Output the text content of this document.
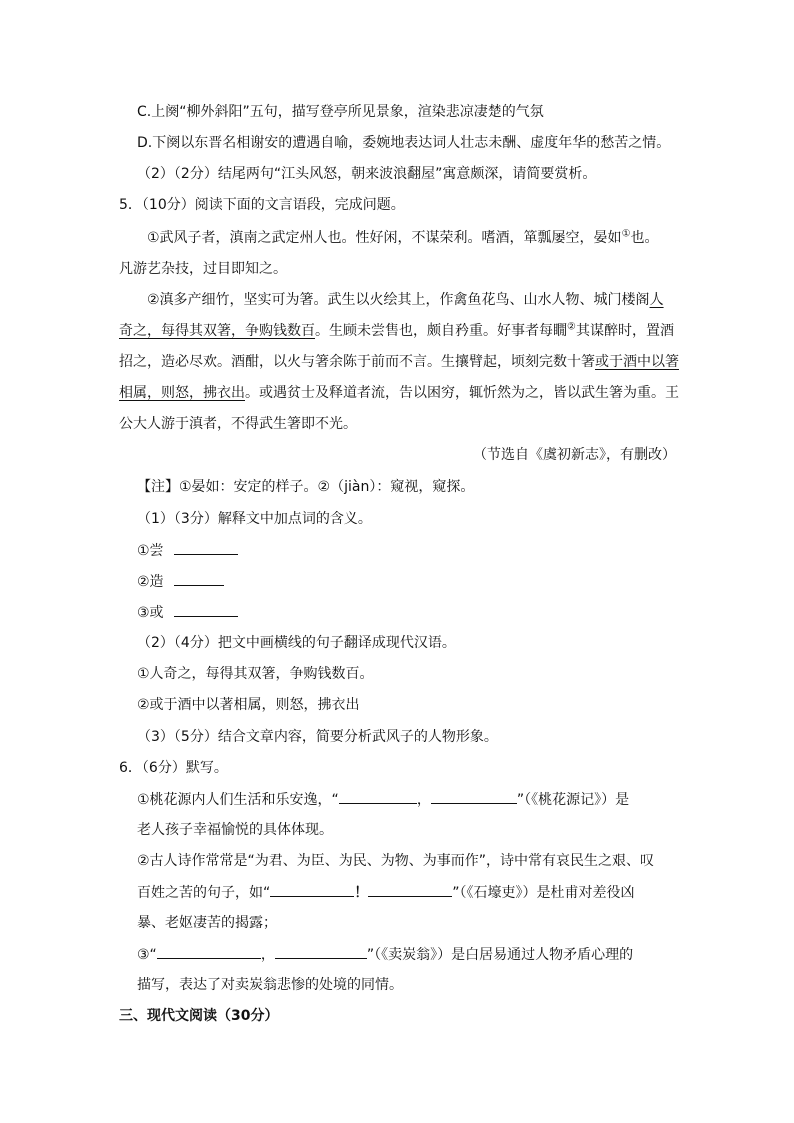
C.上阕“柳外斜阳”五句，描写登亭所见景象，渲染悲凉凄楚的气氛
D.下阕以东晋名相谢安的遭遇自喻，委婉地表达词人壮志未酬、虚度年华的愁苦之情。
（2）（2分）结尾两句“江头风怒，朝来波浪翻屋”寓意颇深，请简要赏析。
5．（10分）阅读下面的文言语段，完成问题。
①武风子者，滇南之武定州人也。性好闲，不谋荣利。嗜酒，箪瓢屡空，晏如①也。
凡游艺杂技，过目即知之。
②滇多产细竹，坚实可为箸。武生以火绘其上，作禽鱼花鸟、山水人物、城门楼阁人
奇之，每得其双箸，争购钱数百。生顾未尝售也，颇自矜重。好事者每瞯②其谋醉时，置酒
招之，造必尽欢。酒酣，以火与箸余陈于前而不言。生攘臂起，顷刻完数十箸或于酒中以箸
相属，则怒，拂衣出。或遇贫士及释道者流，告以困穷，辄忻然为之，皆以武生箸为重。王
公大人游于滇者，不得武生箸即不光。
（节选自《虞初新志》，有删改）
【注】①晏如：安定的样子。②（jiàn）：窥视，窥探。
（1）（3分）解释文中加点词的含义。
①尝
②造
③或
（2）（4分）把文中画横线的句子翻译成现代汉语。
①人奇之，每得其双箸，争购钱数百。
②或于酒中以著相属，则怒，拂衣出
（3）（5分）结合文章内容，简要分析武风子的人物形象。
6．（6分）默写。
①桃花源内人们生活和乐安逸，“	，	”（《桃花源记》）是
老人孩子幸福愉悦的具体体现。
②古人诗作常常是“为君、为臣、为民、为物、为事而作”，诗中常有哀民生之艰、叹
百姓之苦的句子，如“	！	”（《石壕吏》）是杜甫对差役凶
暴、老妪凄苦的揭露；
③“	，	”（《卖炭翁》）是白居易通过人物矛盾心理的
描写，表达了对卖炭翁悲惨的处境的同情。
三、现代文阅读（30分）
